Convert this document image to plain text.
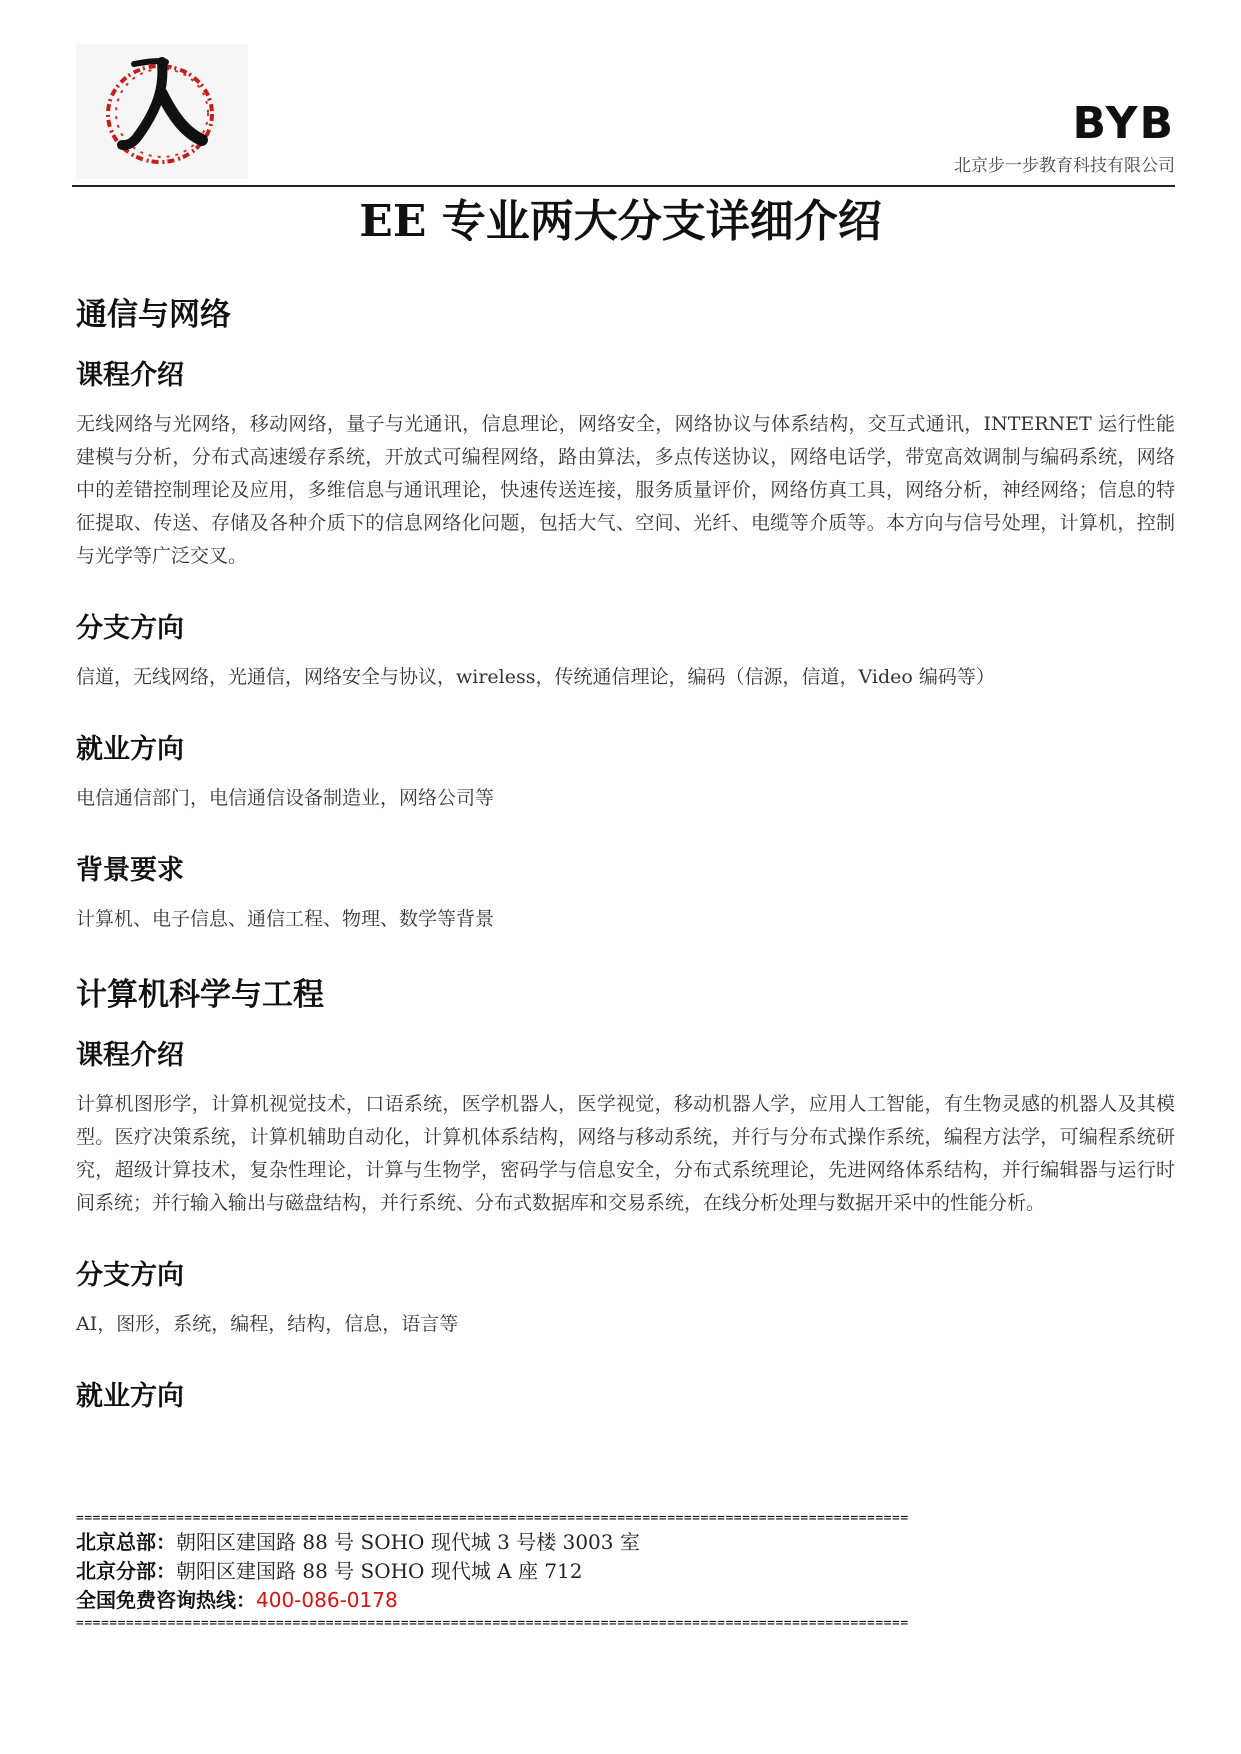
BYB
北京步一步教育科技有限公司
EE 专业两大分支详细介绍
通信与网络
课程介绍
无线网络与光网络，移动网络，量子与光通讯，信息理论，网络安全，网络协议与体系结构，交互式通讯，INTERNET 运行性能建模与分析，分布式高速缓存系统，开放式可编程网络，路由算法，多点传送协议，网络电话学，带宽高效调制与编码系统，网络中的差错控制理论及应用，多维信息与通讯理论，快速传送连接，服务质量评价，网络仿真工具，网络分析，神经网络；信息的特征提取、传送、存储及各种介质下的信息网络化问题，包括大气、空间、光纤、电缆等介质等。本方向与信号处理，计算机，控制与光学等广泛交叉。
分支方向
信道，无线网络，光通信，网络安全与协议，wireless，传统通信理论，编码（信源，信道，Video 编码等）
就业方向
电信通信部门，电信通信设备制造业，网络公司等
背景要求
计算机、电子信息、通信工程、物理、数学等背景
计算机科学与工程
课程介绍
计算机图形学，计算机视觉技术，口语系统，医学机器人，医学视觉，移动机器人学，应用人工智能，有生物灵感的机器人及其模型。医疗决策系统，计算机辅助自动化，计算机体系结构，网络与移动系统，并行与分布式操作系统，编程方法学，可编程系统研究，超级计算技术，复杂性理论，计算与生物学，密码学与信息安全，分布式系统理论，先进网络体系结构，并行编辑器与运行时间系统；并行输入输出与磁盘结构，并行系统、分布式数据库和交易系统，在线分析处理与数据开采中的性能分析。
分支方向
AI，图形，系统，编程，结构，信息，语言等
就业方向
====================================================================================================
北京总部：朝阳区建国路 88 号 SOHO 现代城 3 号楼 3003 室
北京分部：朝阳区建国路 88 号 SOHO 现代城 A 座 712
全国免费咨询热线：400-086-0178
====================================================================================================
